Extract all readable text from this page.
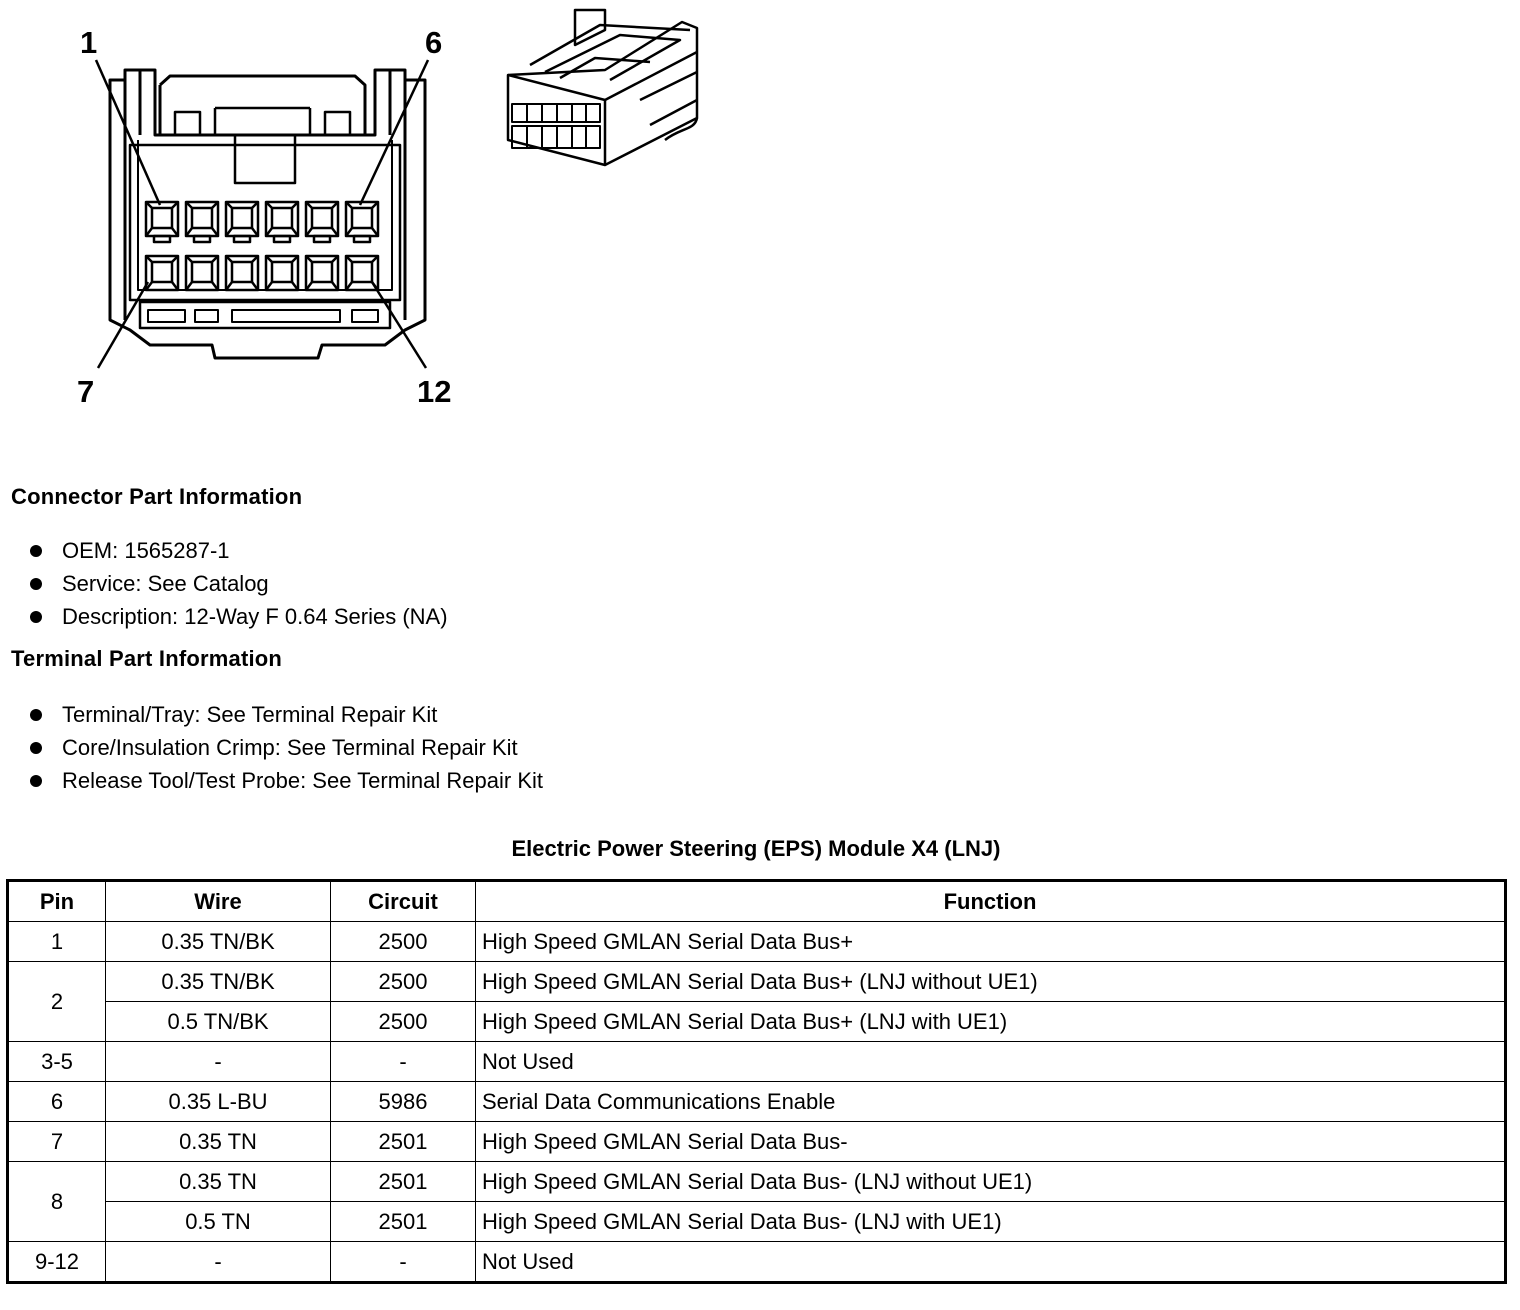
1	6
7	12
Connector Part Information
OEM: 1565287-1
Service: See Catalog
Description: 12-Way F 0.64 Series (NA)
Terminal Part Information
Terminal/Tray: See Terminal Repair Kit
Core/Insulation Crimp: See Terminal Repair Kit
Release Tool/Test Probe: See Terminal Repair Kit
Electric Power Steering (EPS) Module X4 (LNJ)
Pin	Wire	Circuit	Function
1	0.35 TN/BK	2500	High Speed GMLAN Serial Data Bus+
2	0.35 TN/BK	2500	High Speed GMLAN Serial Data Bus+ (LNJ without UE1)
	0.5 TN/BK	2500	High Speed GMLAN Serial Data Bus+ (LNJ with UE1)
3-5	-	-	Not Used
6	0.35 L-BU	5986	Serial Data Communications Enable
7	0.35 TN	2501	High Speed GMLAN Serial Data Bus-
8	0.35 TN	2501	High Speed GMLAN Serial Data Bus- (LNJ without UE1)
	0.5 TN	2501	High Speed GMLAN Serial Data Bus- (LNJ with UE1)
9-12	-	-	Not Used
